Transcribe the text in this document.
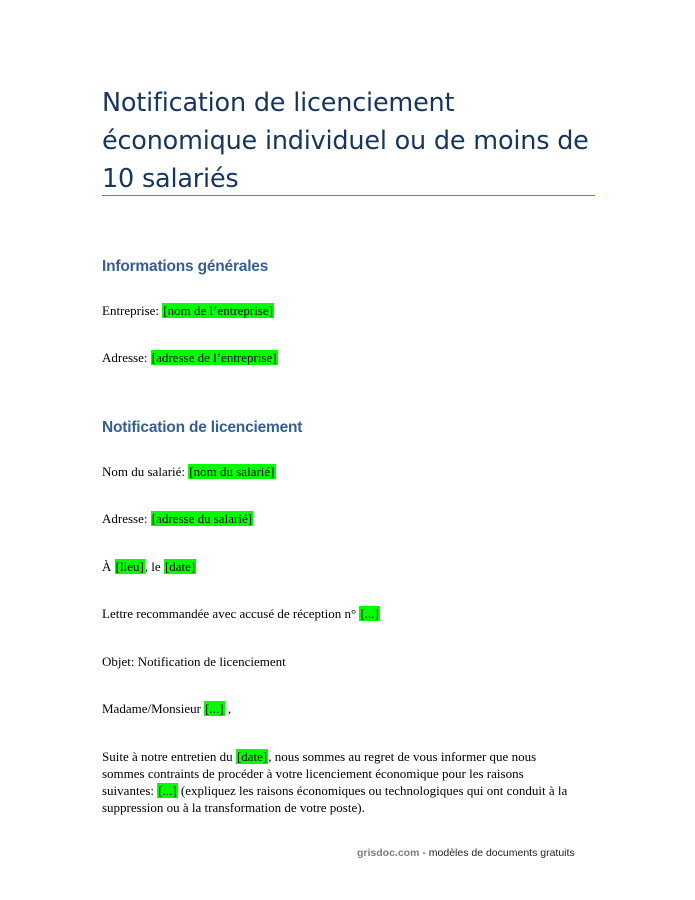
Notification de licenciement
économique individuel ou de moins de
10 salariés
Informations générales

Entreprise: [nom de l’entreprise]

Adresse: [adresse de l’entreprise]

Notification de licenciement

Nom du salarié: [nom du salarié]

Adresse: [adresse du salarié]

À [lieu], le [date]

Lettre recommandée avec accusé de réception n° [...]

Objet: Notification de licenciement

Madame/Monsieur [...] ,

Suite à notre entretien du [date], nous sommes au regret de vous informer que nous
sommes contraints de procéder à votre licenciement économique pour les raisons
suivantes: [...] (expliquez les raisons économiques ou technologiques qui ont conduit à la
suppression ou à la transformation de votre poste).

grisdoc.com - modèles de documents gratuits
